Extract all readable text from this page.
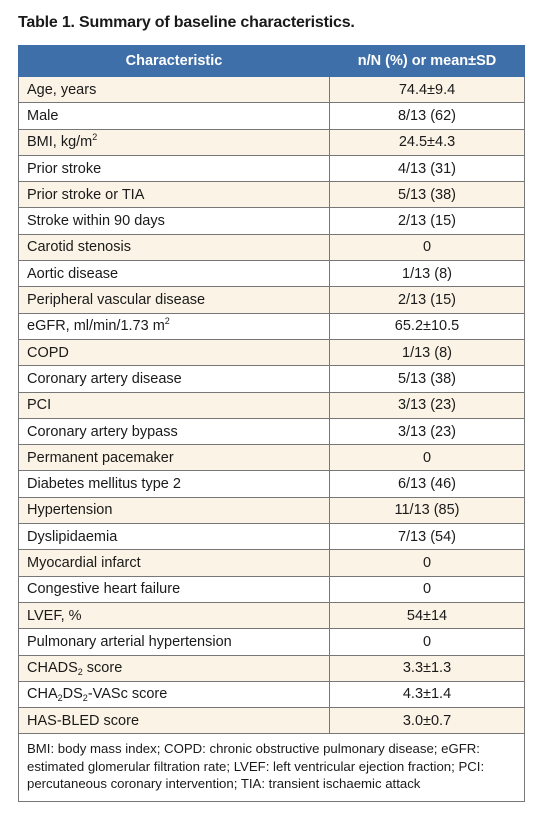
Table 1. Summary of baseline characteristics.
Characteristic	n/N (%) or mean±SD
Age, years	74.4±9.4
Male	8/13 (62)
BMI, $kg/m^2$	24.5±4.3
Prior stroke	4/13 (31)
Prior stroke or TIA	5/13 (38)
Stroke within 90 days	2/13 (15)
Carotid stenosis	0
Aortic disease	1/13 (8)
Peripheral vascular disease	2/13 (15)
eGFR, ml/min/1.73 $m^2$	65.2±10.5
COPD	1/13 (8)
Coronary artery disease	5/13 (38)
PCI	3/13 (23)
Coronary artery bypass	3/13 (23)
Permanent pacemaker	0
Diabetes mellitus type 2	6/13 (46)
Hypertension	11/13 (85)
Dyslipidaemia	7/13 (54)
Myocardial infarct	0
Congestive heart failure	0
LVEF, %	54±14
Pulmonary arterial hypertension	0
$CHADS_2$ score	3.3±1.3
$CHA_2DS_2$-VASc score	4.3±1.4
HAS-BLED score	3.0±0.7
BMI: body mass index; COPD: chronic obstructive pulmonary disease; eGFR: estimated glomerular filtration rate; LVEF: left ventricular ejection fraction; PCI: percutaneous coronary intervention; TIA: transient ischaemic attack	
